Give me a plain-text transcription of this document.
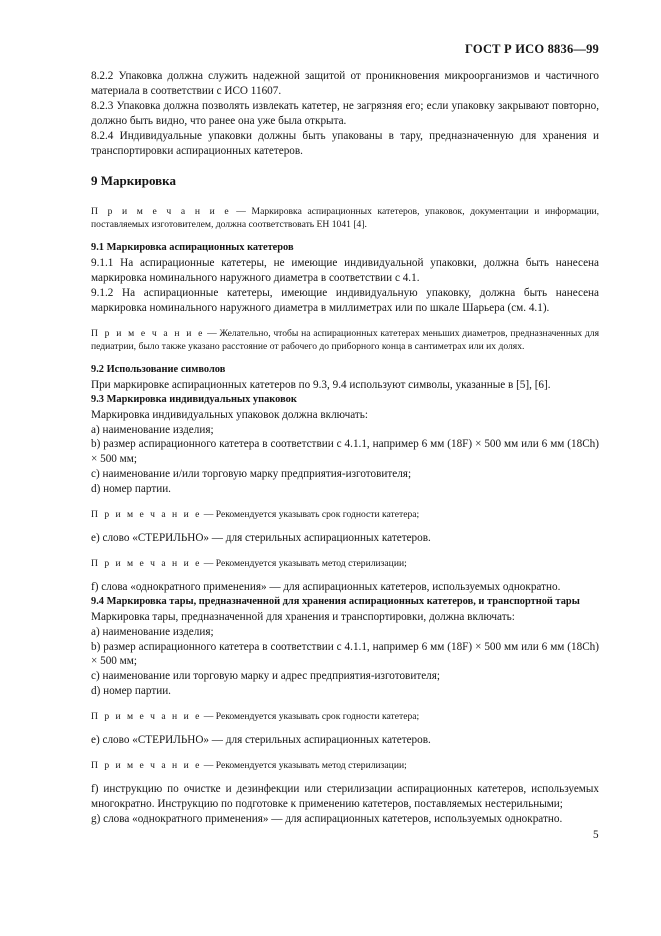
ГОСТ Р ИСО 8836—99

8.2.2 Упаковка должна служить надежной защитой от проникновения микроорганизмов и частичного материала в соответствии с ИСО 11607.

8.2.3 Упаковка должна позволять извлекать катетер, не загрязняя его; если упаковку закрывают повторно, должно быть видно, что ранее она уже была открыта.

8.2.4 Индивидуальные упаковки должны быть упакованы в тару, предназначенную для хранения и транспортировки аспирационных катетеров.

9 Маркировка

П р и м е ч а н и е — Маркировка аспирационных катетеров, упаковок, документации и информации, поставляемых изготовителем, должна соответствовать ЕН 1041 [4].

9.1 Маркировка аспирационных катетеров

9.1.1 На аспирационные катетеры, не имеющие индивидуальной упаковки, должна быть нанесена маркировка номинального наружного диаметра в соответствии с 4.1.

9.1.2 На аспирационные катетеры, имеющие индивидуальную упаковку, должна быть нанесена маркировка номинального наружного диаметра в миллиметрах или по шкале Шарьера (см. 4.1).

П р и м е ч а н и е — Желательно, чтобы на аспирационных катетерах меньших диаметров, предназначенных для педиатрии, было также указано расстояние от рабочего до приборного конца в сантиметрах или их долях.

9.2 Использование символов

При маркировке аспирационных катетеров по 9.3, 9.4 используют символы, указанные в [5], [6].

9.3 Маркировка индивидуальных упаковок

Маркировка индивидуальных упаковок должна включать:

a) наименование изделия;

b) размер аспирационного катетера в соответствии с 4.1.1, например 6 мм (18F) × 500 мм или 6 мм (18Ch) × 500 мм;

c) наименование и/или торговую марку предприятия-изготовителя;

d) номер партии.

П р и м е ч а н и е — Рекомендуется указывать срок годности катетера;

e) слово «СТЕРИЛЬНО» — для стерильных аспирационных катетеров.

П р и м е ч а н и е — Рекомендуется указывать метод стерилизации;

f) слова «однократного применения» — для аспирационных катетеров, используемых однократно.

9.4 Маркировка тары, предназначенной для хранения аспирационных катетеров, и транспортной тары

Маркировка тары, предназначенной для хранения и транспортировки, должна включать:

a) наименование изделия;

b) размер аспирационного катетера в соответствии с 4.1.1, например 6 мм (18F) × 500 мм или 6 мм (18Ch) × 500 мм;

c) наименование или торговую марку и адрес предприятия-изготовителя;

d) номер партии.

П р и м е ч а н и е — Рекомендуется указывать срок годности катетера;

e) слово «СТЕРИЛЬНО» — для стерильных аспирационных катетеров.

П р и м е ч а н и е — Рекомендуется указывать метод стерилизации;

f) инструкцию по очистке и дезинфекции или стерилизации аспирационных катетеров, используемых многократно. Инструкцию по подготовке к применению катетеров, поставляемых нестерильными;

g) слова «однократного применения» — для аспирационных катетеров, используемых однократно.

5
